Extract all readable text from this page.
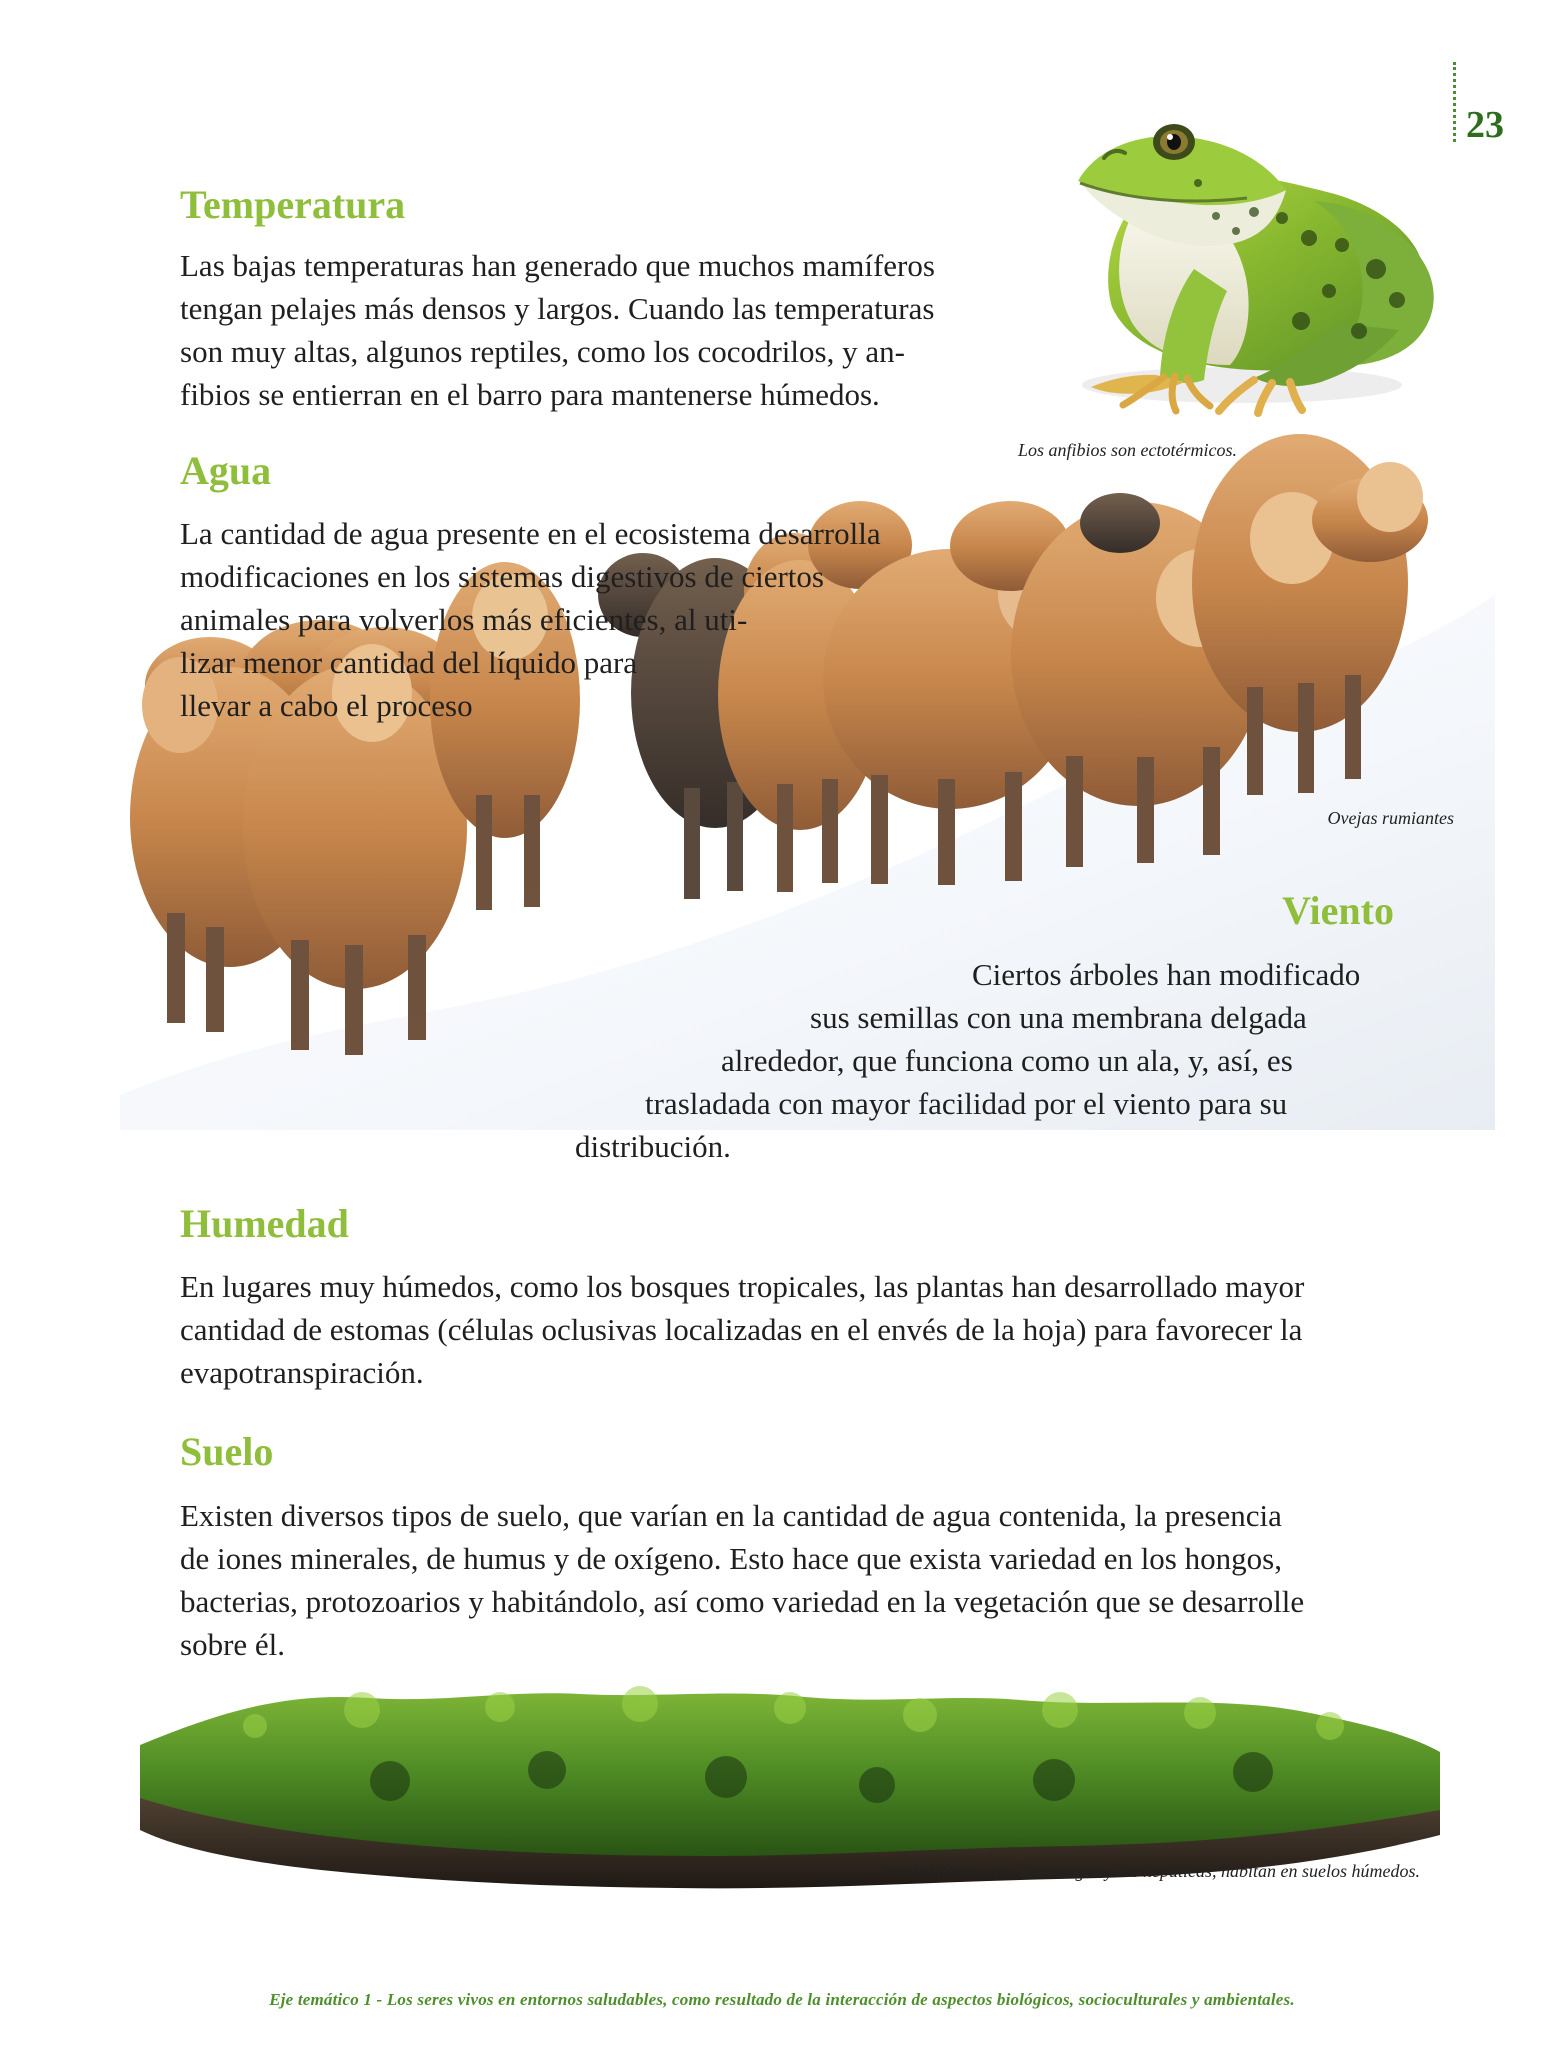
23
Temperatura

Las bajas temperaturas han generado que muchos mamíferos
tengan pelajes más densos y largos. Cuando las temperaturas
son muy altas, algunos reptiles, como los cocodrilos, y an-
fibios se entierran en el barro para mantenerse húmedos.

Los anfibios son ectotérmicos.

Agua

La cantidad de agua presente en el ecosistema desarrolla
modificaciones en los sistemas digestivos de ciertos
animales para volverlos más eficientes, al uti-
lizar menor cantidad del líquido para
llevar a cabo el proceso

Ovejas rumiantes

Viento

Ciertos árboles han modificado
sus semillas con una membrana delgada
alrededor, que funciona como un ala, y, así, es
trasladada con mayor facilidad por el viento para su
distribución.

Humedad

En lugares muy húmedos, como los bosques tropicales, las plantas han desarrollado mayor
cantidad de estomas (células oclusivas localizadas en el envés de la hoja) para favorecer la
evapotranspiración.

Suelo

Existen diversos tipos de suelo, que varían en la cantidad de agua contenida, la presencia
de iones minerales, de humus y de oxígeno. Esto hace que exista variedad en los hongos,
bacterias, protozoarios y habitándolo, así como variedad en la vegetación que se desarrolle
sobre él.

Las briófitas como los musgos y las hepáticas, habitan en suelos húmedos.

Eje temático 1 - Los seres vivos en entornos saludables, como resultado de la interacción de aspectos biológicos, socioculturales y ambientales.
